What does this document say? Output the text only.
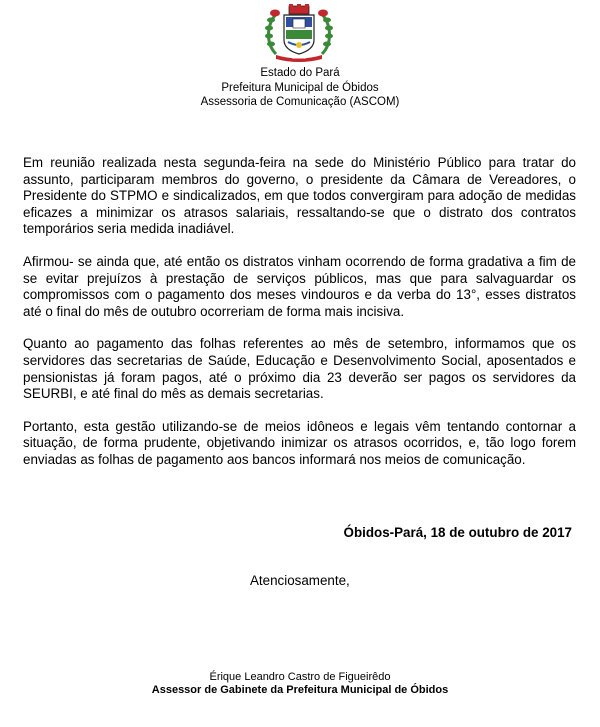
Estado do Pará
Prefeitura Municipal de Óbidos
Assessoria de Comunicação (ASCOM)

Em reunião realizada nesta segunda-feira na sede do Ministério Público para tratar do assunto, participaram membros do governo, o presidente da Câmara de Vereadores, o Presidente do STPMO e sindicalizados, em que todos convergiram para adoção de medidas eficazes a minimizar os atrasos salariais, ressaltando-se que o distrato dos contratos temporários seria medida inadiável.

Afirmou- se ainda que, até então os distratos vinham ocorrendo de forma gradativa a fim de se evitar prejuízos à prestação de serviços públicos, mas que para salvaguardar os compromissos com o pagamento dos meses vindouros e da verba do 13°, esses distratos até o final do mês de outubro ocorreriam de forma mais incisiva.

Quanto ao pagamento das folhas referentes ao mês de setembro, informamos que os servidores das secretarias de Saúde, Educação e Desenvolvimento Social, aposentados e pensionistas já foram pagos, até o próximo dia 23 deverão ser pagos os servidores da SEURBI, e até final do mês as demais secretarias.

Portanto, esta gestão utilizando-se de meios idôneos e legais vêm tentando contornar a situação, de forma prudente, objetivando inimizar os atrasos ocorridos, e, tão logo forem enviadas as folhas de pagamento aos bancos informará nos meios de comunicação.

Óbidos-Pará, 18 de outubro de 2017
Atenciosamente,
Érique Leandro Castro de Figueirêdo
Assessor de Gabinete da Prefeitura Municipal de Óbidos
